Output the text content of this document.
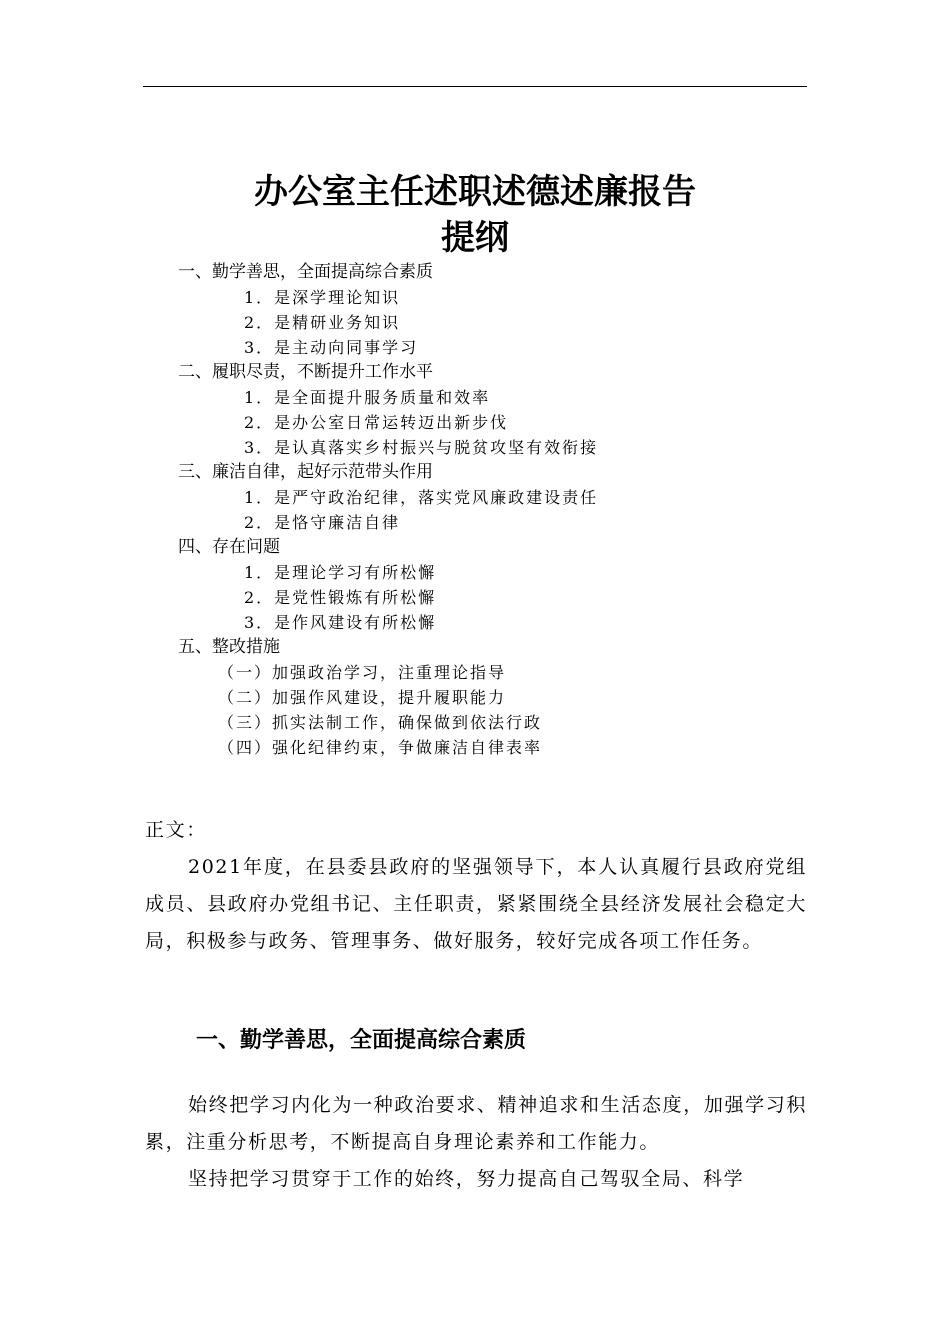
办公室主任述职述德述廉报告
提纲
一、勤学善思，全面提高综合素质
1．是深学理论知识
2．是精研业务知识
3．是主动向同事学习
二、履职尽责，不断提升工作水平
1．是全面提升服务质量和效率
2．是办公室日常运转迈出新步伐
3．是认真落实乡村振兴与脱贫攻坚有效衔接
三、廉洁自律，起好示范带头作用
1．是严守政治纪律，落实党风廉政建设责任
2．是恪守廉洁自律
四、存在问题
1．是理论学习有所松懈
2．是党性锻炼有所松懈
3．是作风建设有所松懈
五、整改措施
（一）加强政治学习，注重理论指导
（二）加强作风建设，提升履职能力
（三）抓实法制工作，确保做到依法行政
（四）强化纪律约束，争做廉洁自律表率
正文：

2021年度，在县委县政府的坚强领导下，本人认真履行县政府党组成员、县政府办党组书记、主任职责，紧紧围绕全县经济发展社会稳定大局，积极参与政务、管理事务、做好服务，较好完成各项工作任务。

一、勤学善思，全面提高综合素质

始终把学习内化为一种政治要求、精神追求和生活态度，加强学习积累，注重分析思考，不断提高自身理论素养和工作能力。

坚持把学习贯穿于工作的始终，努力提高自己驾驭全局、科学
